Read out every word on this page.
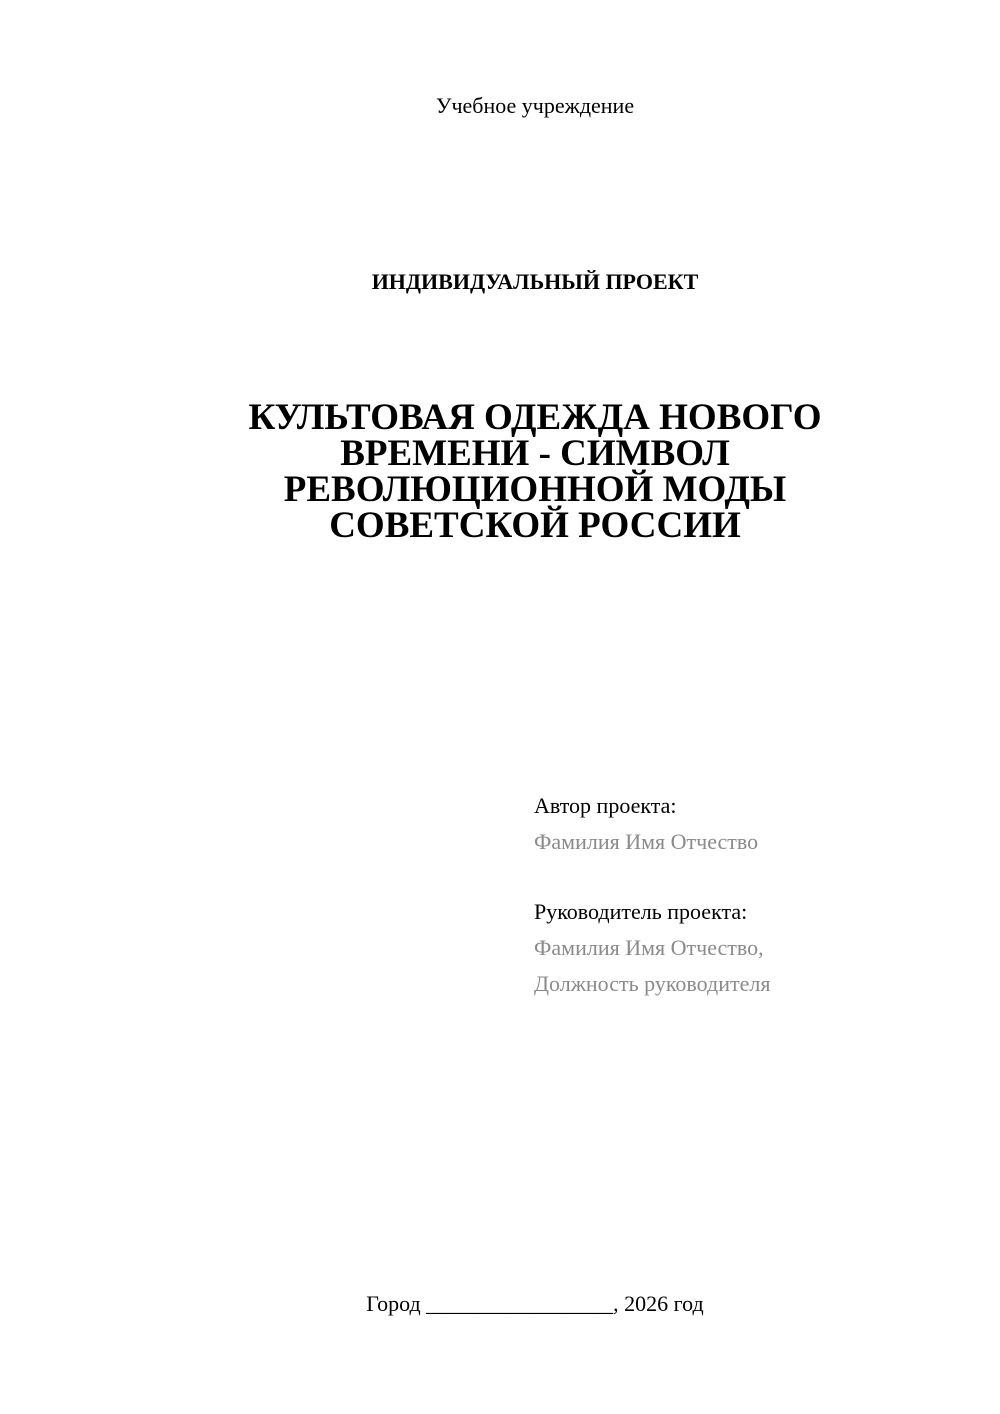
Учебное учреждение
ИНДИВИДУАЛЬНЫЙ ПРОЕКТ
КУЛЬТОВАЯ ОДЕЖДА НОВОГО
ВРЕМЕНИ - СИМВОЛ
РЕВОЛЮЦИОННОЙ МОДЫ
СОВЕТСКОЙ РОССИИ
Автор проекта:
Фамилия Имя Отчество
Руководитель проекта:
Фамилия Имя Отчество,
Должность руководителя
Город _________________, 2026 год
